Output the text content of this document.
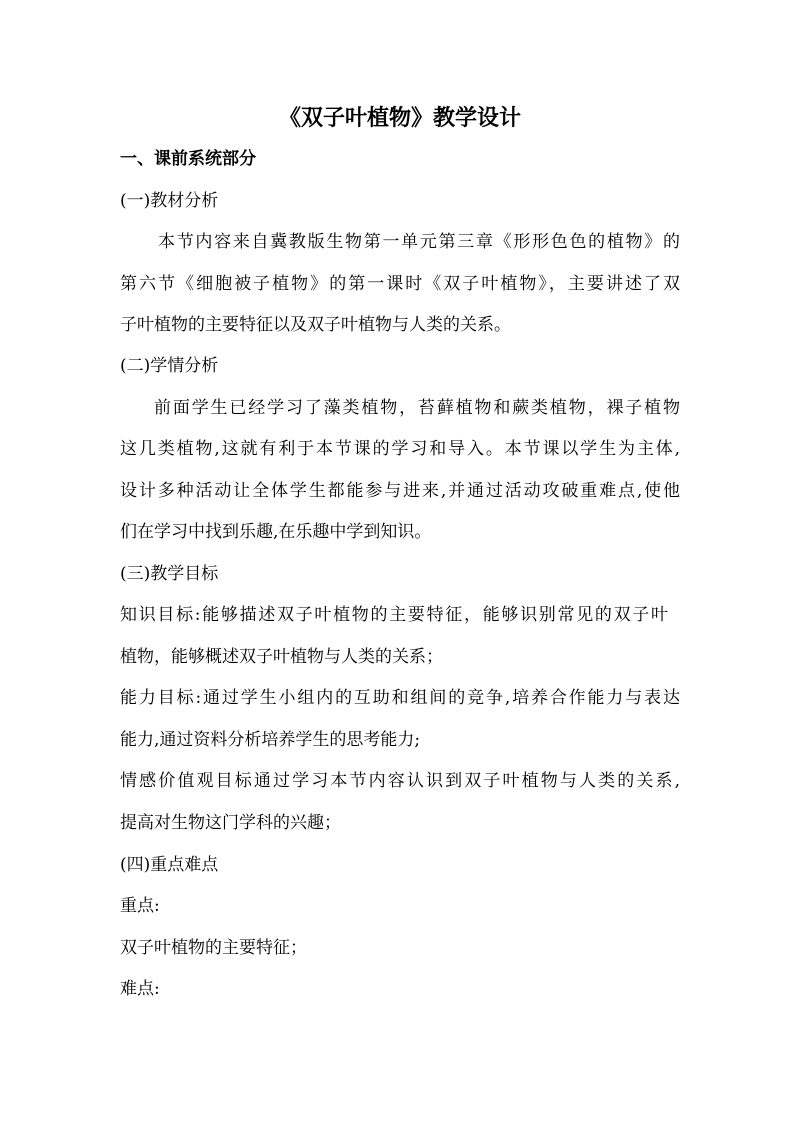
《双子叶植物》教学设计
一、课前系统部分
(一)教材分析
本节内容来自冀教版生物第一单元第三章《形形色色的植物》的
第六节《细胞被子植物》的第一课时《双子叶植物》，主要讲述了双
子叶植物的主要特征以及双子叶植物与人类的关系。
(二)学情分析
前面学生已经学习了藻类植物，苔藓植物和蕨类植物，裸子植物
这几类植物,这就有利于本节课的学习和导入。本节课以学生为主体,
设计多种活动让全体学生都能参与进来,并通过活动攻破重难点,使他
们在学习中找到乐趣,在乐趣中学到知识。
(三)教学目标
知识目标:能够描述双子叶植物的主要特征，能够识别常见的双子叶
植物，能够概述双子叶植物与人类的关系；
能力目标:通过学生小组内的互助和组间的竞争,培养合作能力与表达
能力,通过资料分析培养学生的思考能力;
情感价值观目标通过学习本节内容认识到双子叶植物与人类的关系,
提高对生物这门学科的兴趣；
(四)重点难点
重点:
双子叶植物的主要特征；
难点:
